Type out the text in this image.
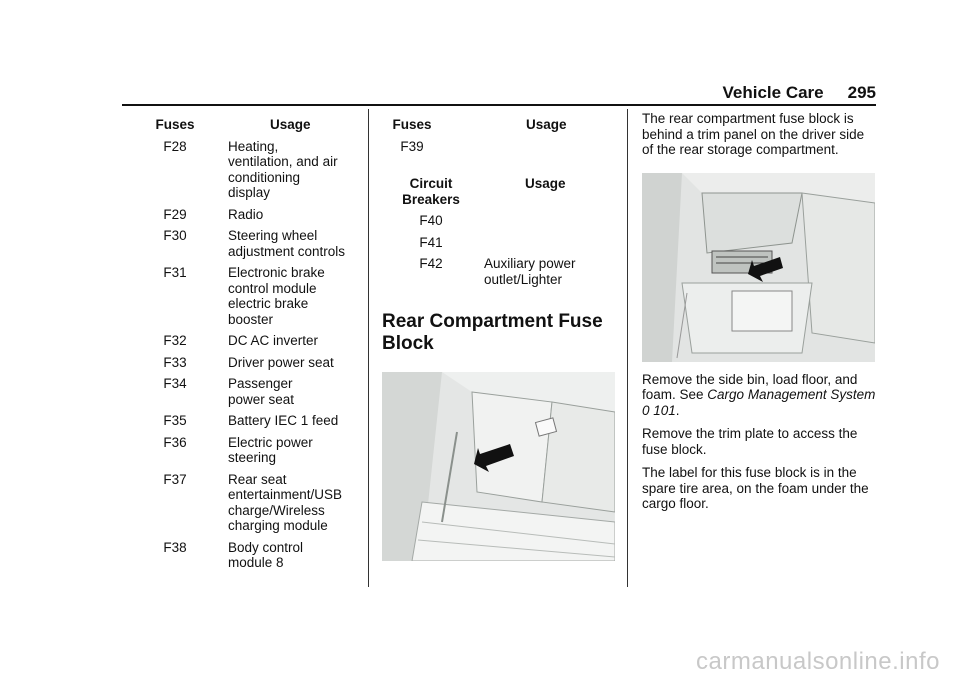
Vehicle Care 295
Fuses	Usage
F28	Heating,
ventilation, and air
conditioning
display
F29	Radio
F30	Steering wheel
adjustment controls
F31	Electronic brake
control module
electric brake
booster
F32	DC AC inverter
F33	Driver power seat
F34	Passenger
power seat
F35	Battery IEC 1 feed
F36	Electric power
steering
F37	Rear seat
entertainment/USB
charge/Wireless
charging module
F38	Body control
module 8
Fuses	Usage
F39
Circuit
Breakers
Usage
F40
F41
F42	Auxiliary power
outlet/Lighter
Rear Compartment Fuse Block

The rear compartment fuse block is behind a trim panel on the driver side of the rear storage compartment.

Remove the side bin, load floor, and foam. See Cargo Management System 0 101.

Remove the trim plate to access the fuse block.

The label for this fuse block is in the spare tire area, on the foam under the cargo floor.

carmanualsonline.info
